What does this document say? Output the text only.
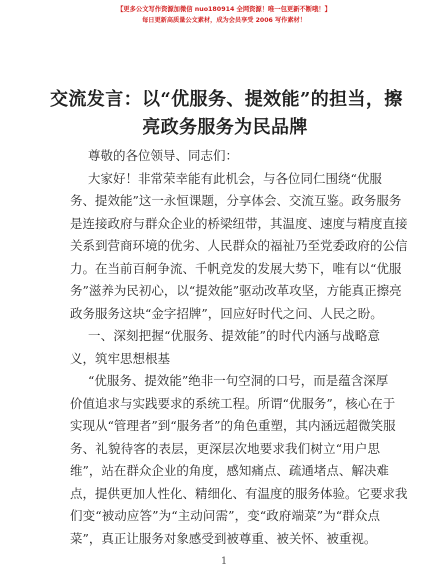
【更多公文写作资源加微信 nuo180914 全网资源！唯一包更新不断哦！】
每日更新高质量公文素材，成为会员享受 2006 写作素材！
交流发言：以“优服务、提效能”的担当，擦
亮政务服务为民品牌
尊敬的各位领导、同志们：
大家好！非常荣幸能有此机会，与各位同仁围绕“优服
务、提效能”这一永恒课题，分享体会、交流互鉴。政务服务
是连接政府与群众企业的桥梁纽带，其温度、速度与精度直接
关系到营商环境的优劣、人民群众的福祉乃至党委政府的公信
力。在当前百舸争流、千帆竞发的发展大势下，唯有以“优服
务”滋养为民初心，以“提效能”驱动改革攻坚，方能真正擦亮
政务服务这块“金字招牌”，回应好时代之问、人民之盼。
一、深刻把握“优服务、提效能”的时代内涵与战略意
义，筑牢思想根基
“优服务、提效能”绝非一句空洞的口号，而是蕴含深厚
价值追求与实践要求的系统工程。所谓“优服务”，核心在于
实现从“管理者”到“服务者”的角色重塑，其内涵远超微笑服
务、礼貌待客的表层，更深层次地要求我们树立“用户思
维”，站在群众企业的角度，感知痛点、疏通堵点、解决难
点，提供更加人性化、精细化、有温度的服务体验。它要求我
们变“被动应答”为“主动问需”，变“政府端菜”为“群众点
菜”，真正让服务对象感受到被尊重、被关怀、被重视。
1
